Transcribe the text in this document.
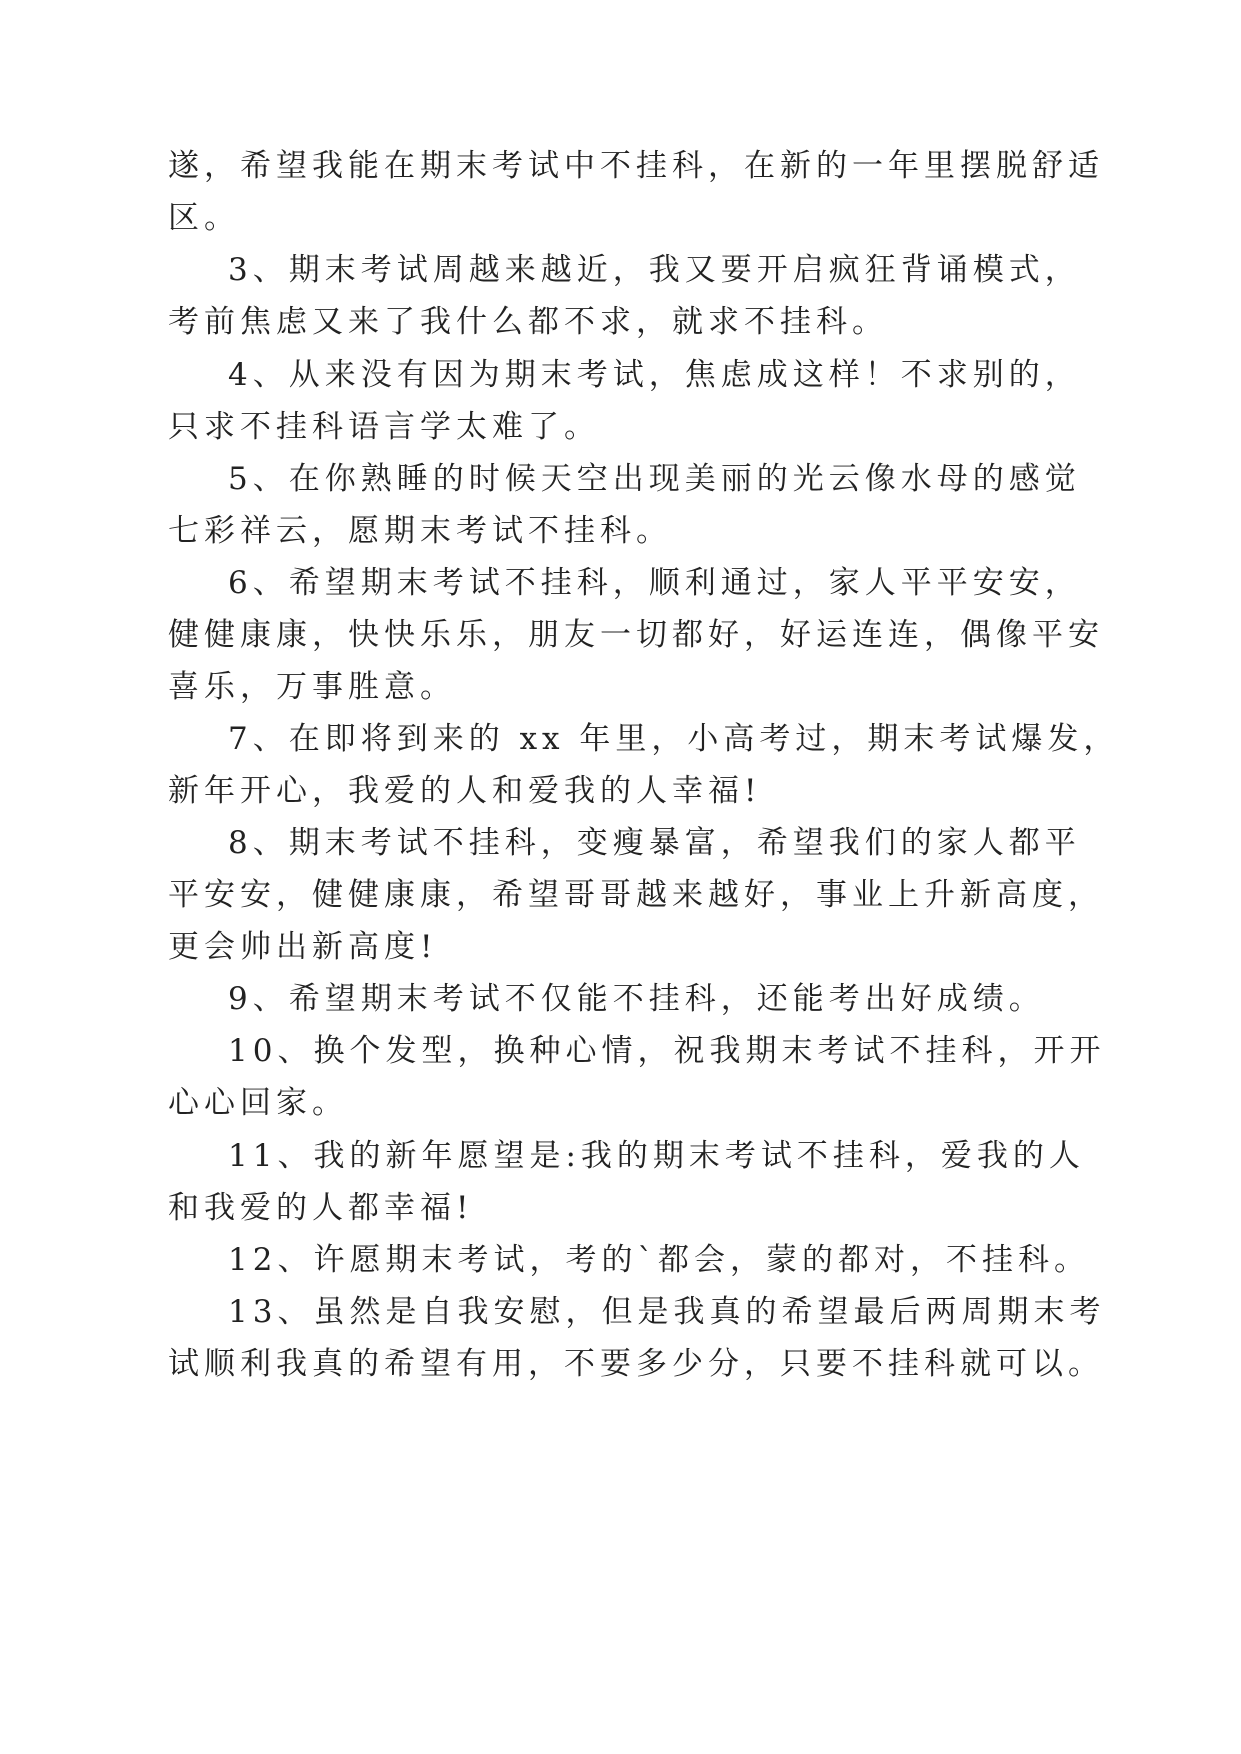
遂，希望我能在期末考试中不挂科，在新的一年里摆脱舒适
区。
3、期末考试周越来越近，我又要开启疯狂背诵模式，
考前焦虑又来了我什么都不求，就求不挂科。
4、从来没有因为期末考试，焦虑成这样！不求别的，
只求不挂科语言学太难了。
5、在你熟睡的时候天空出现美丽的光云像水母的感觉
七彩祥云，愿期末考试不挂科。
6、希望期末考试不挂科，顺利通过，家人平平安安，
健健康康，快快乐乐，朋友一切都好，好运连连，偶像平安
喜乐，万事胜意。
7、在即将到来的 xx 年里，小高考过，期末考试爆发，
新年开心，我爱的人和爱我的人幸福!
8、期末考试不挂科，变瘦暴富，希望我们的家人都平
平安安，健健康康，希望哥哥越来越好，事业上升新高度，
更会帅出新高度!
9、希望期末考试不仅能不挂科，还能考出好成绩。
10、换个发型，换种心情，祝我期末考试不挂科，开开
心心回家。
11、我的新年愿望是:我的期末考试不挂科，爱我的人
和我爱的人都幸福!
12、许愿期末考试，考的`都会，蒙的都对，不挂科。
13、虽然是自我安慰，但是我真的希望最后两周期末考
试顺利我真的希望有用，不要多少分，只要不挂科就可以。
